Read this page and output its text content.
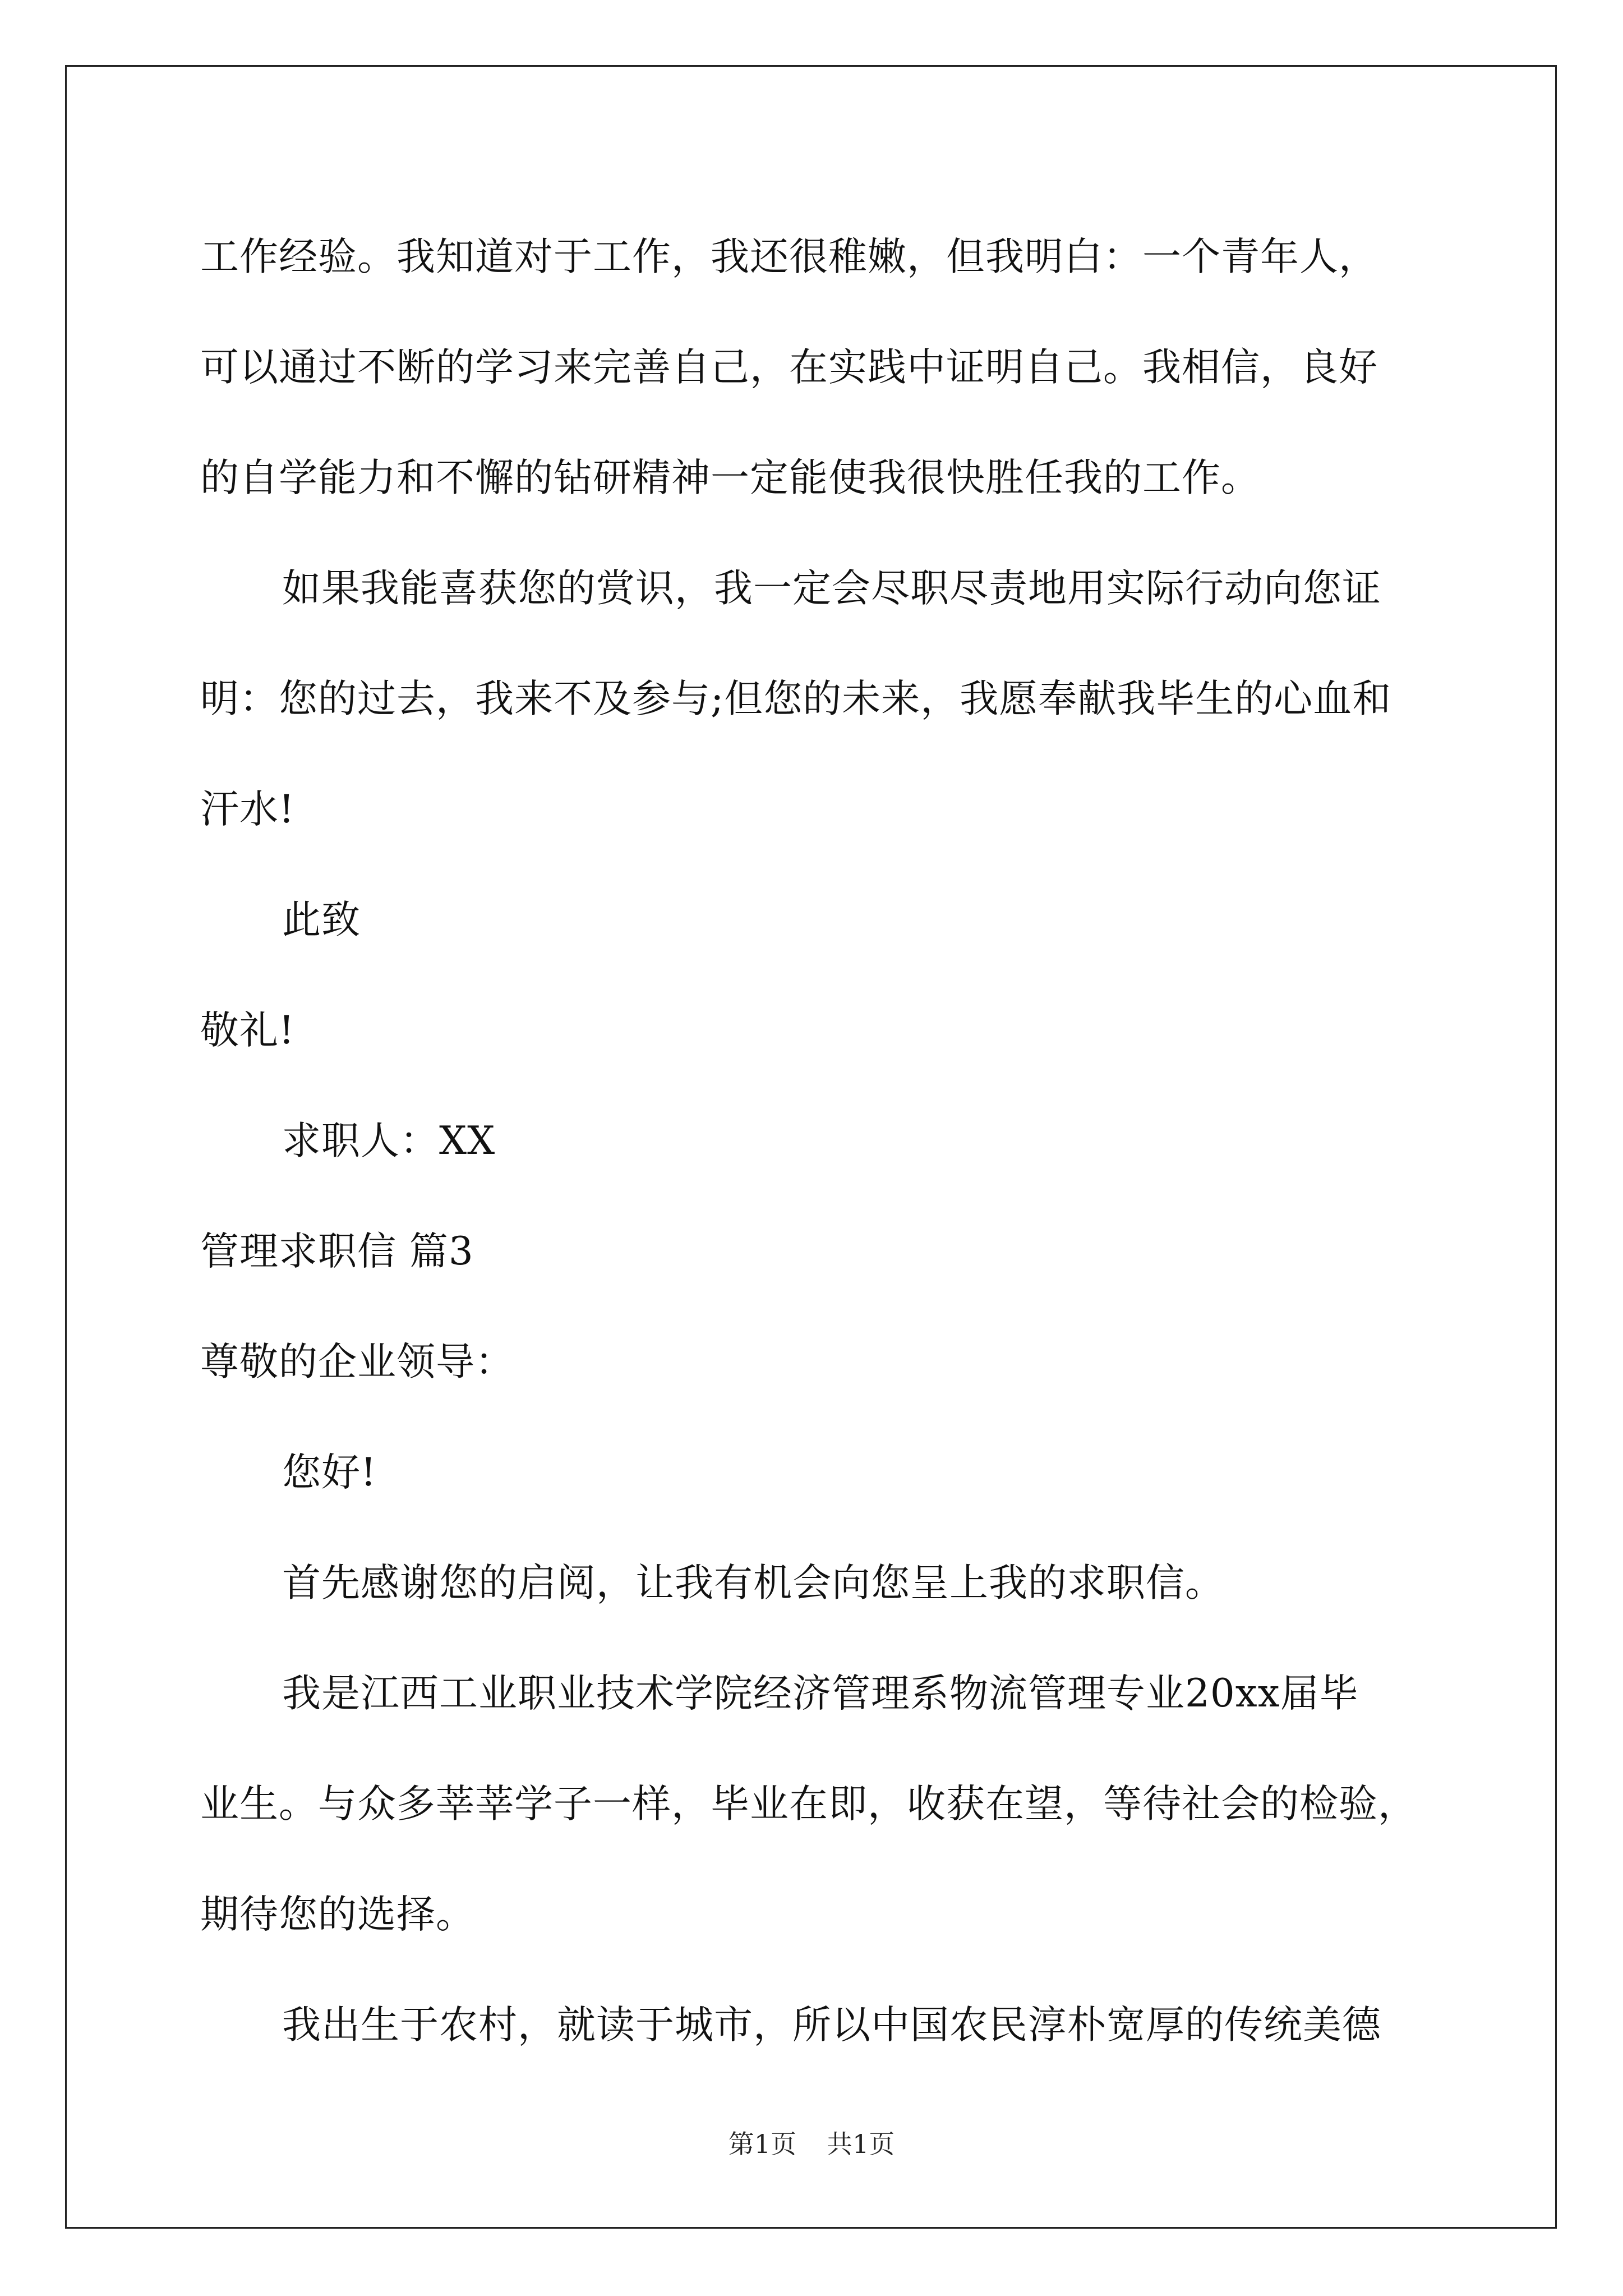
工作经验。我知道对于工作，我还很稚嫩，但我明白：一个青年人，
可以通过不断的学习来完善自己，在实践中证明自己。我相信，良好
的自学能力和不懈的钻研精神一定能使我很快胜任我的工作。
如果我能喜获您的赏识，我一定会尽职尽责地用实际行动向您证
明：您的过去，我来不及参与;但您的未来，我愿奉献我毕生的心血和
汗水!
此致
敬礼!
求职人：XX
管理求职信 篇3
尊敬的企业领导：
您好!
首先感谢您的启阅，让我有机会向您呈上我的求职信。
我是江西工业职业技术学院经济管理系物流管理专业20xx届毕
业生。与众多莘莘学子一样，毕业在即，收获在望，等待社会的检验，
期待您的选择。
我出生于农村，就读于城市，所以中国农民淳朴宽厚的传统美德
第1页 共1页
